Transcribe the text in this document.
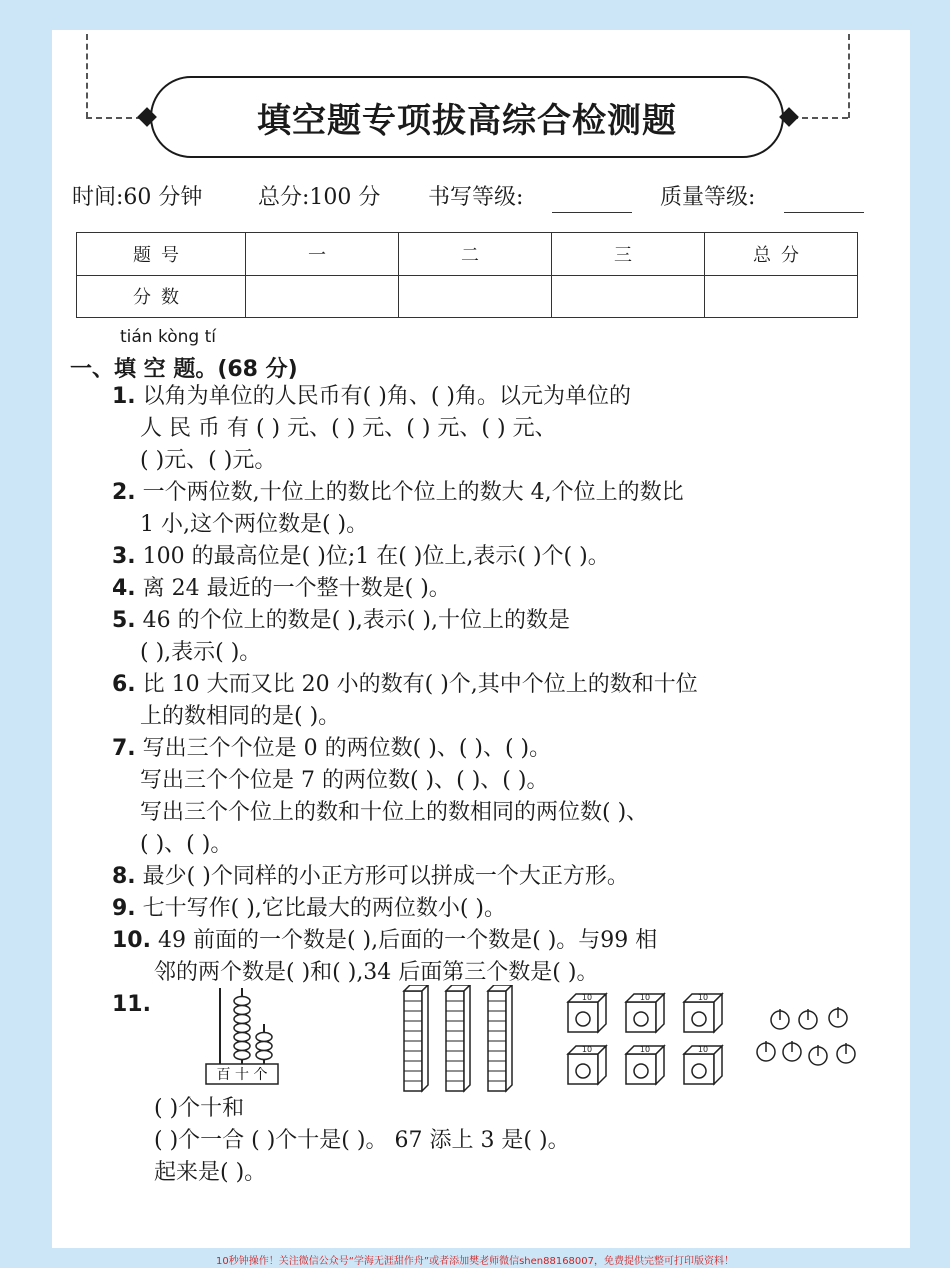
填空题专项拔高综合检测题
时间:60 分钟	总分:100 分 书写等级:	质量等级:
题号	一	二	三	总分
分数				
tián kòng tí
一、填 空 题。(68 分)
1. 以角为单位的人民币有( )角、( )角。以元为单位的
人 民 币 有 ( ) 元、( ) 元、( ) 元、( ) 元、
( )元、( )元。
2. 一个两位数,十位上的数比个位上的数大 4,个位上的数比
1 小,这个两位数是( )。
3. 100 的最高位是( )位;1 在( )位上,表示( )个( )。
4. 离 24 最近的一个整十数是( )。
5. 46 的个位上的数是( ),表示( ),十位上的数是
( ),表示( )。
6. 比 10 大而又比 20 小的数有( )个,其中个位上的数和十位
上的数相同的是( )。
7. 写出三个个位是 0 的两位数( )、( )、( )。
写出三个个位是 7 的两位数( )、( )、( )。
写出三个个位上的数和十位上的数相同的两位数( )、
( )、( )。
8. 最少( )个同样的小正方形可以拼成一个大正方形。
9. 七十写作( ),它比最大的两位数小( )。
10. 49 前面的一个数是( ),后面的一个数是( )。与99 相
邻的两个数是( )和( ),34 后面第三个数是( )。
11.
百 十 个
10	10	10
10	10	10
( )个十和
( )个一合 ( )个十是( )。 67 添上 3 是( )。
起来是( )。
10秒钟操作！关注微信公众号“学海无涯甜作舟”或者添加樊老师微信shen88168007，免费提供完整可打印版资料！
